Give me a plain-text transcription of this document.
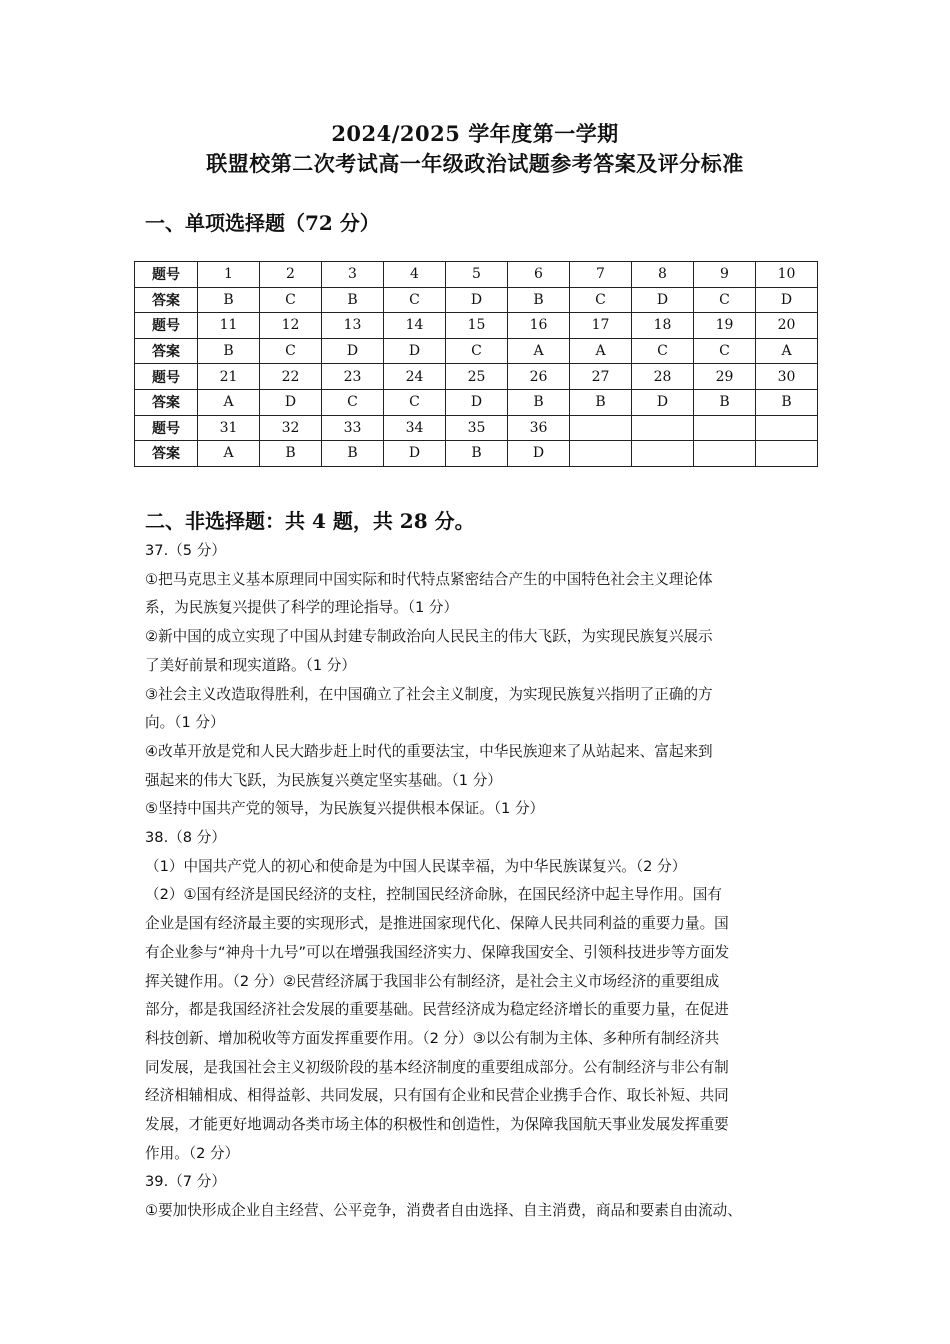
2024/2025 学年度第一学期
联盟校第二次考试高一年级政治试题参考答案及评分标准
一、单项选择题（72 分）
题号	1	2	3	4	5	6	7	8	9	10
答案	B	C	B	C	D	B	C	D	C	D
题号	11	12	13	14	15	16	17	18	19	20
答案	B	C	D	D	C	A	A	C	C	A
题号	21	22	23	24	25	26	27	28	29	30
答案	A	D	C	C	D	B	B	D	B	B
题号	31	32	33	34	35	36				
答案	A	B	B	D	B	D				
二、非选择题：共 4 题，共 28 分。

37.（5 分）

①把马克思主义基本原理同中国实际和时代特点紧密结合产生的中国特色社会主义理论体

系，为民族复兴提供了科学的理论指导。（1 分）

②新中国的成立实现了中国从封建专制政治向人民民主的伟大飞跃，为实现民族复兴展示

了美好前景和现实道路。（1 分）

③社会主义改造取得胜利，在中国确立了社会主义制度，为实现民族复兴指明了正确的方

向。（1 分）

④改革开放是党和人民大踏步赶上时代的重要法宝，中华民族迎来了从站起来、富起来到

强起来的伟大飞跃，为民族复兴奠定坚实基础。（1 分）

⑤坚持中国共产党的领导，为民族复兴提供根本保证。（1 分）

38.（8 分）

（1）中国共产党人的初心和使命是为中国人民谋幸福，为中华民族谋复兴。（2 分）

（2）①国有经济是国民经济的支柱，控制国民经济命脉，在国民经济中起主导作用。国有

企业是国有经济最主要的实现形式，是推进国家现代化、保障人民共同利益的重要力量。国

有企业参与“神舟十九号”可以在增强我国经济实力、保障我国安全、引领科技进步等方面发

挥关键作用。（2 分）②民营经济属于我国非公有制经济，是社会主义市场经济的重要组成

部分，都是我国经济社会发展的重要基础。民营经济成为稳定经济增长的重要力量，在促进

科技创新、增加税收等方面发挥重要作用。（2 分）③以公有制为主体、多种所有制经济共

同发展，是我国社会主义初级阶段的基本经济制度的重要组成部分。公有制经济与非公有制

经济相辅相成、相得益彰、共同发展，只有国有企业和民营企业携手合作、取长补短、共同

发展，才能更好地调动各类市场主体的积极性和创造性，为保障我国航天事业发展发挥重要

作用。（2 分）

39.（7 分）

①要加快形成企业自主经营、公平竞争，消费者自由选择、自主消费，商品和要素自由流动、
